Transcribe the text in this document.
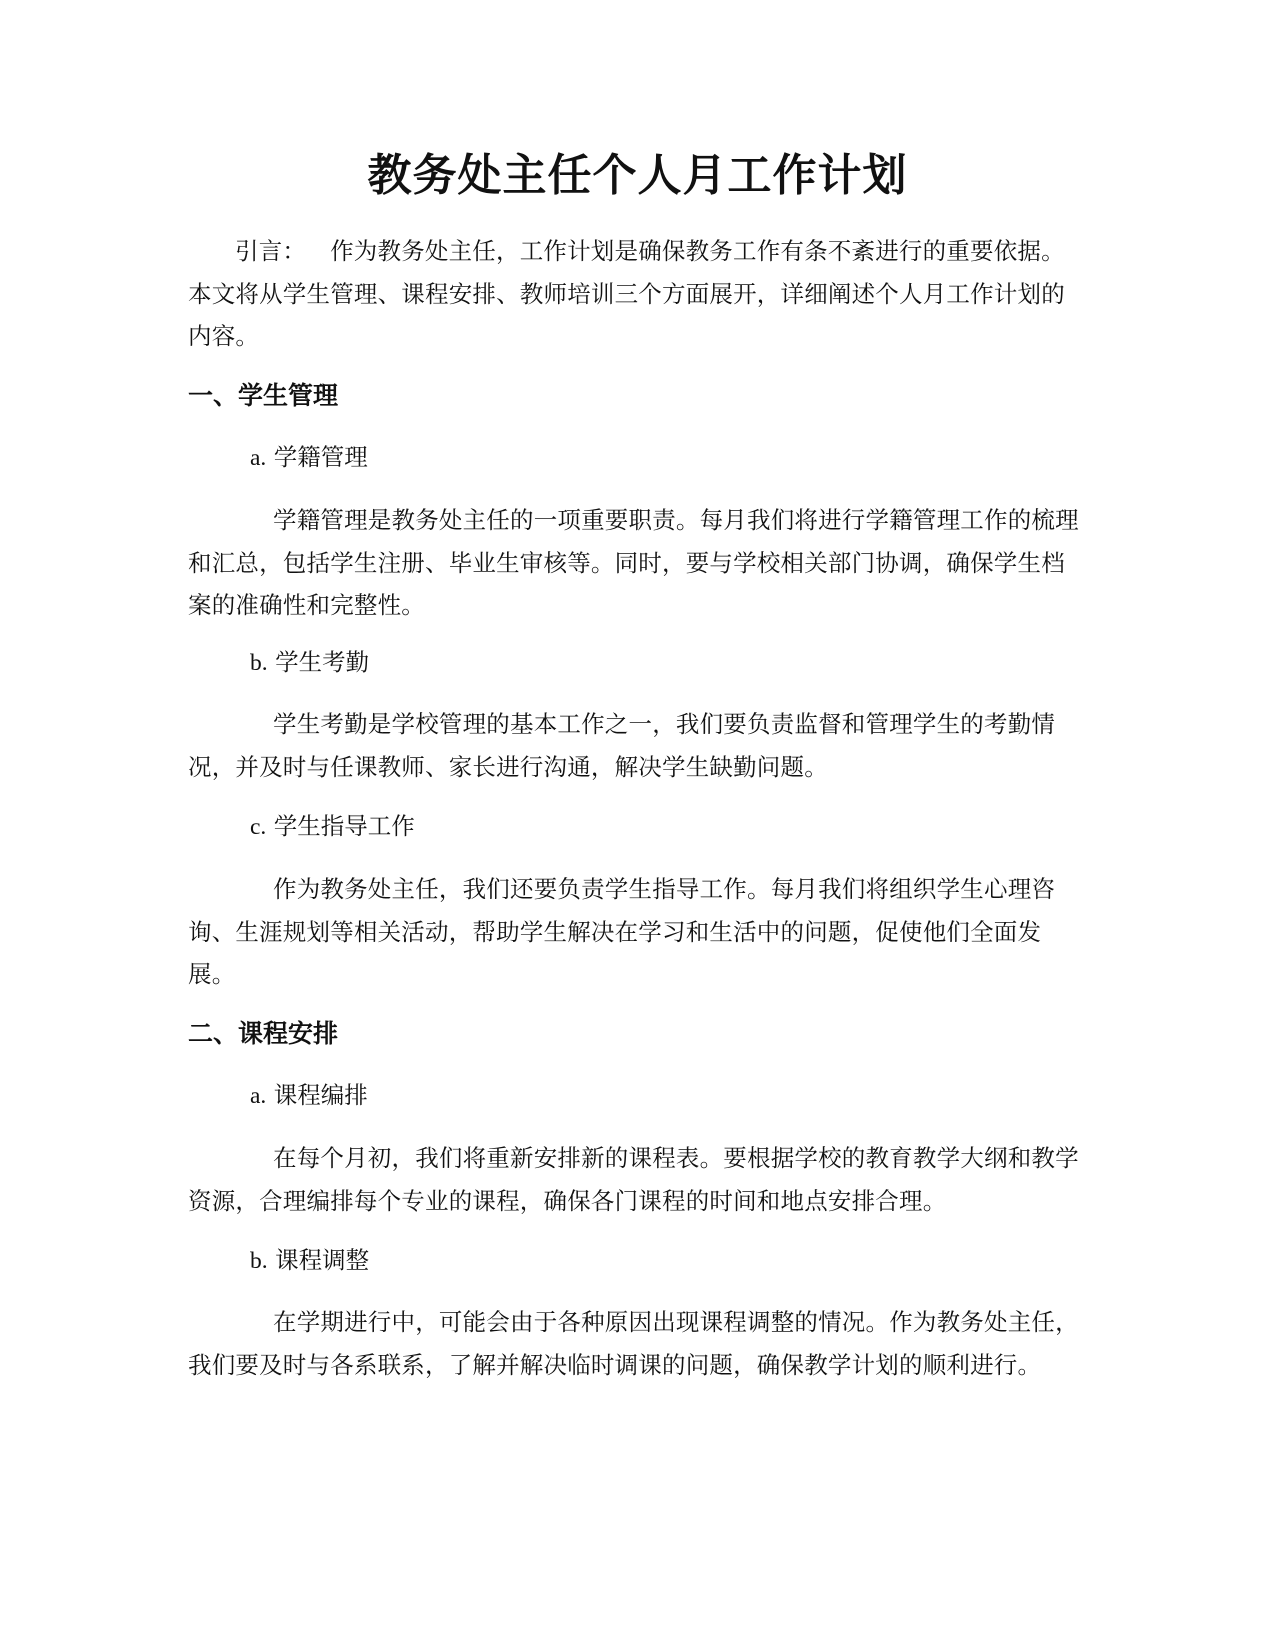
教务处主任个人月工作计划

引言： 作为教务处主任，工作计划是确保教务工作有条不紊进行的重要依据。本文将从学生管理、课程安排、教师培训三个方面展开，详细阐述个人月工作计划的内容。

一、学生管理

a. 学籍管理

学籍管理是教务处主任的一项重要职责。每月我们将进行学籍管理工作的梳理和汇总，包括学生注册、毕业生审核等。同时，要与学校相关部门协调，确保学生档案的准确性和完整性。

b. 学生考勤

学生考勤是学校管理的基本工作之一，我们要负责监督和管理学生的考勤情况，并及时与任课教师、家长进行沟通，解决学生缺勤问题。

c. 学生指导工作

作为教务处主任，我们还要负责学生指导工作。每月我们将组织学生心理咨询、生涯规划等相关活动，帮助学生解决在学习和生活中的问题，促使他们全面发展。

二、课程安排

a. 课程编排

在每个月初，我们将重新安排新的课程表。要根据学校的教育教学大纲和教学资源，合理编排每个专业的课程，确保各门课程的时间和地点安排合理。

b. 课程调整

在学期进行中，可能会由于各种原因出现课程调整的情况。作为教务处主任，我们要及时与各系联系，了解并解决临时调课的问题，确保教学计划的顺利进行。
